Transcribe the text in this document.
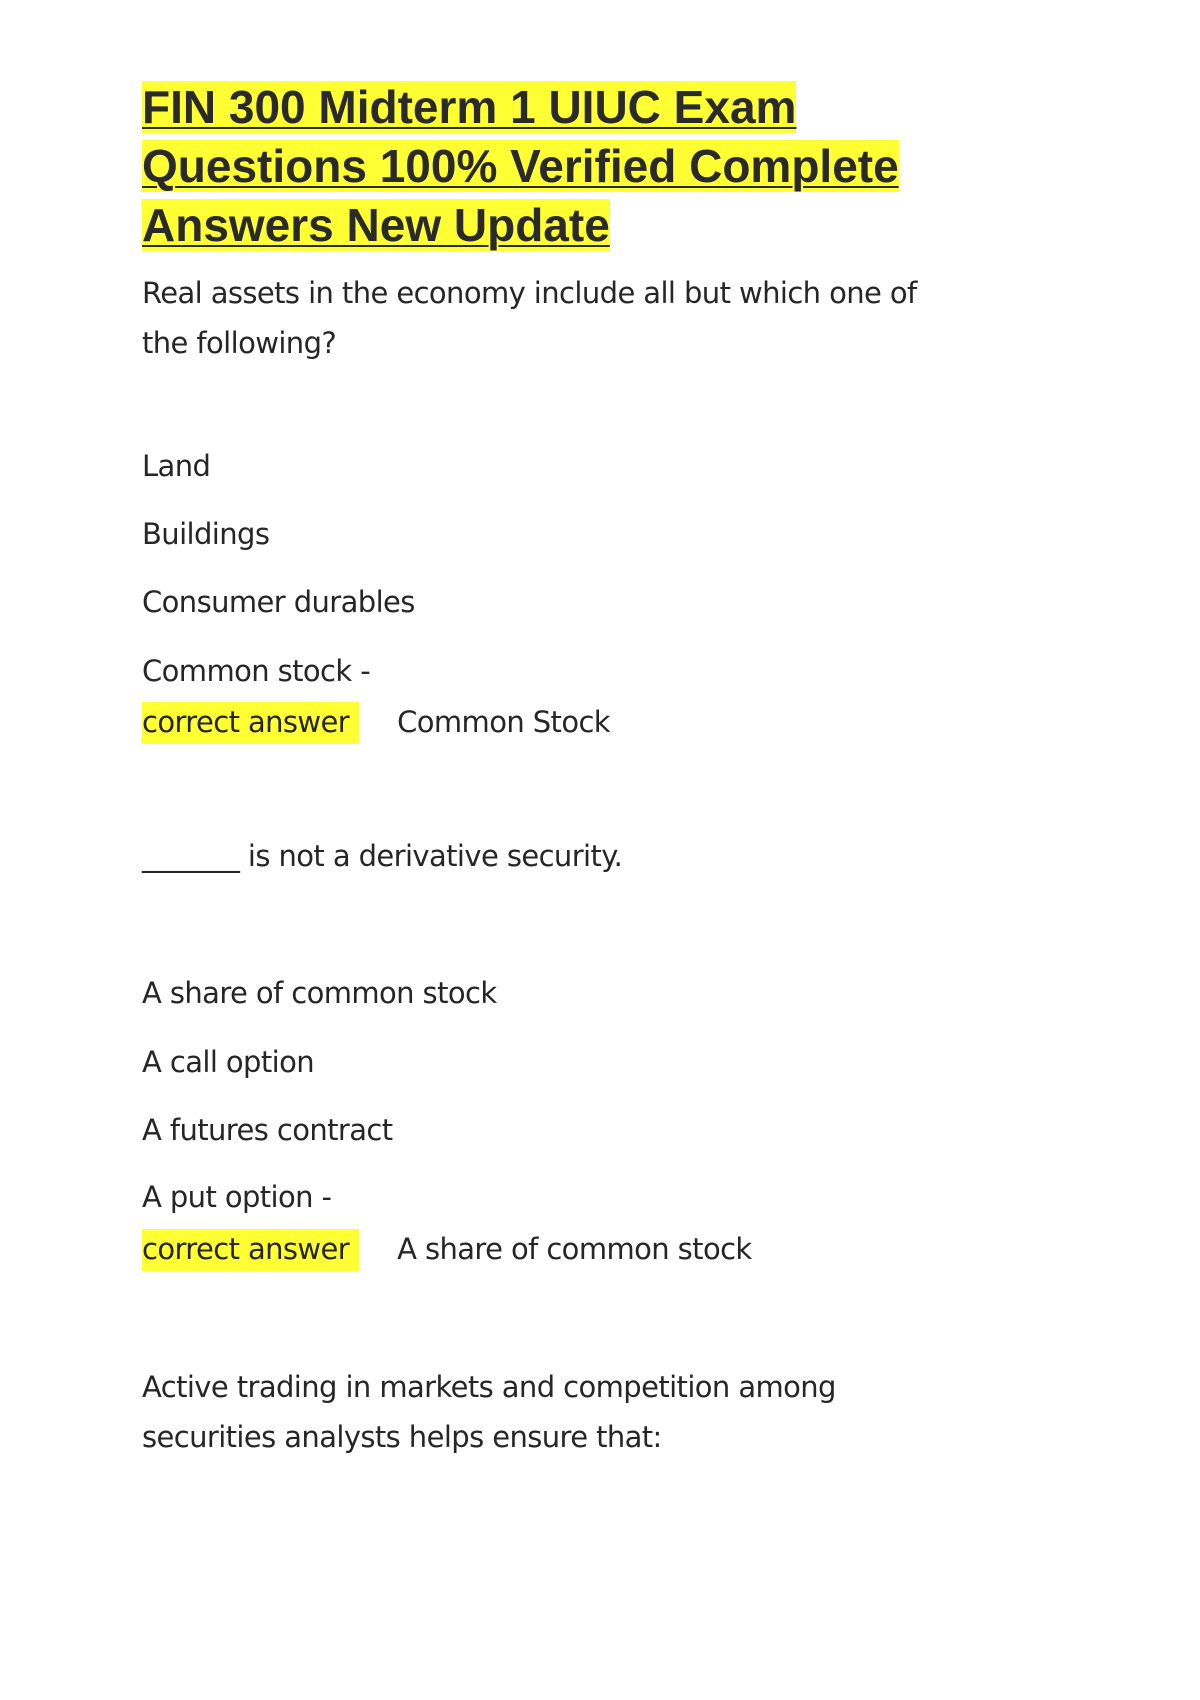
FIN 300 Midterm 1 UIUC Exam Questions 100% Verified Complete Answers New Update

Real assets in the economy include all but which one of the following?

Land

Buildings

Consumer durables

Common stock -

correct answer Common Stock

_______ is not a derivative security.

A share of common stock

A call option

A futures contract

A put option -

correct answer A share of common stock

Active trading in markets and competition among securities analysts helps ensure that:
